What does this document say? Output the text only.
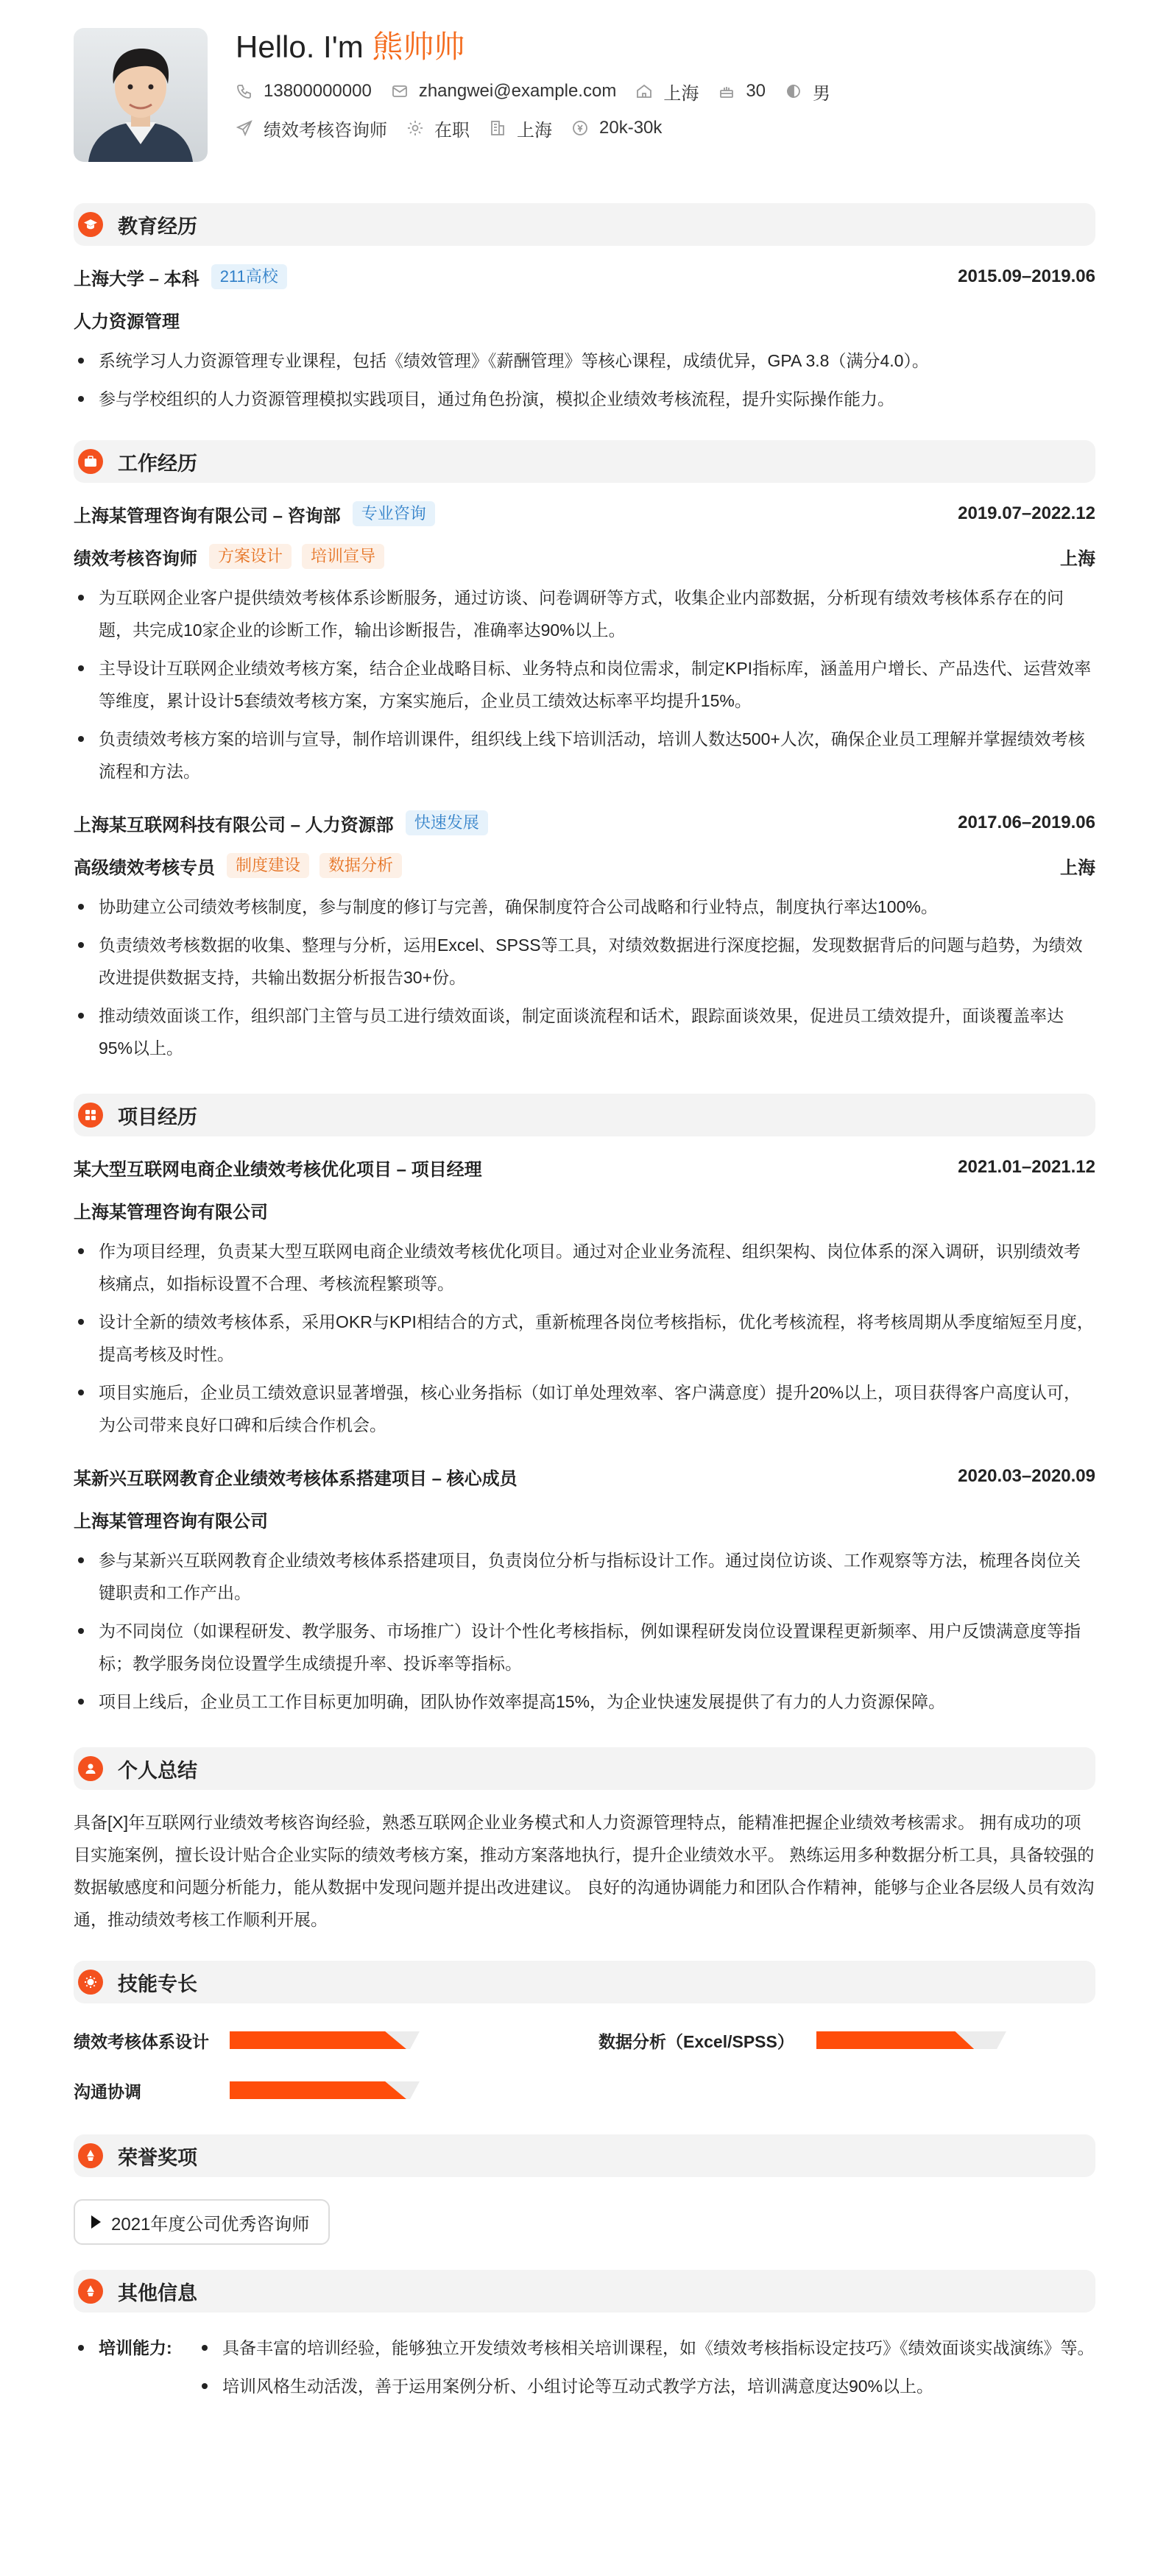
Hello. I'm 熊帅帅
13800000000	zhangwei@example.com	上海	30	男
绩效考核咨询师	在职	上海	20k-30k
教育经历
上海大学 – 本科	211高校	2015.09–2019.06
人力资源管理
系统学习人力资源管理专业课程，包括《绩效管理》《薪酬管理》等核心课程，成绩优异，GPA 3.8（满分4.0）。
参与学校组织的人力资源管理模拟实践项目，通过角色扮演，模拟企业绩效考核流程，提升实际操作能力。
工作经历
上海某管理咨询有限公司 – 咨询部	专业咨询	2019.07–2022.12
绩效考核咨询师	方案设计	培训宣导	上海
为互联网企业客户提供绩效考核体系诊断服务，通过访谈、问卷调研等方式，收集企业内部数据，分析现有绩效考核体系存在的问题，共完成10家企业的诊断工作，输出诊断报告，准确率达90%以上。
主导设计互联网企业绩效考核方案，结合企业战略目标、业务特点和岗位需求，制定KPI指标库，涵盖用户增长、产品迭代、运营效率等维度，累计设计5套绩效考核方案，方案实施后，企业员工绩效达标率平均提升15%。
负责绩效考核方案的培训与宣导，制作培训课件，组织线上线下培训活动，培训人数达500+人次，确保企业员工理解并掌握绩效考核流程和方法。
上海某互联网科技有限公司 – 人力资源部	快速发展	2017.06–2019.06
高级绩效考核专员	制度建设	数据分析	上海
协助建立公司绩效考核制度，参与制度的修订与完善，确保制度符合公司战略和行业特点，制度执行率达100%。
负责绩效考核数据的收集、整理与分析，运用Excel、SPSS等工具，对绩效数据进行深度挖掘，发现数据背后的问题与趋势，为绩效改进提供数据支持，共输出数据分析报告30+份。
推动绩效面谈工作，组织部门主管与员工进行绩效面谈，制定面谈流程和话术，跟踪面谈效果，促进员工绩效提升，面谈覆盖率达95%以上。
项目经历
某大型互联网电商企业绩效考核优化项目 – 项目经理	2021.01–2021.12
上海某管理咨询有限公司
作为项目经理，负责某大型互联网电商企业绩效考核优化项目。通过对企业业务流程、组织架构、岗位体系的深入调研，识别绩效考核痛点，如指标设置不合理、考核流程繁琐等。
设计全新的绩效考核体系，采用OKR与KPI相结合的方式，重新梳理各岗位考核指标，优化考核流程，将考核周期从季度缩短至月度，提高考核及时性。
项目实施后，企业员工绩效意识显著增强，核心业务指标（如订单处理效率、客户满意度）提升20%以上，项目获得客户高度认可，为公司带来良好口碑和后续合作机会。
某新兴互联网教育企业绩效考核体系搭建项目 – 核心成员	2020.03–2020.09
上海某管理咨询有限公司
参与某新兴互联网教育企业绩效考核体系搭建项目，负责岗位分析与指标设计工作。通过岗位访谈、工作观察等方法，梳理各岗位关键职责和工作产出。
为不同岗位（如课程研发、教学服务、市场推广）设计个性化考核指标，例如课程研发岗位设置课程更新频率、用户反馈满意度等指标；教学服务岗位设置学生成绩提升率、投诉率等指标。
项目上线后，企业员工工作目标更加明确，团队协作效率提高15%，为企业快速发展提供了有力的人力资源保障。
个人总结

具备[X]年互联网行业绩效考核咨询经验，熟悉互联网企业业务模式和人力资源管理特点，能精准把握企业绩效考核需求。 拥有成功的项目实施案例，擅长设计贴合企业实际的绩效考核方案，推动方案落地执行，提升企业绩效水平。 熟练运用多种数据分析工具，具备较强的数据敏感度和问题分析能力，能从数据中发现问题并提出改进建议。 良好的沟通协调能力和团队合作精神，能够与企业各层级人员有效沟通，推动绩效考核工作顺利开展。

技能专长
绩效考核体系设计	数据分析（Excel/SPSS）
沟通协调
荣誉奖项
2021年度公司优秀咨询师
其他信息
培训能力:	具备丰富的培训经验，能够独立开发绩效考核相关培训课程，如《绩效考核指标设定技巧》《绩效面谈实战演练》等。
培训风格生动活泼，善于运用案例分析、小组讨论等互动式教学方法，培训满意度达90%以上。
